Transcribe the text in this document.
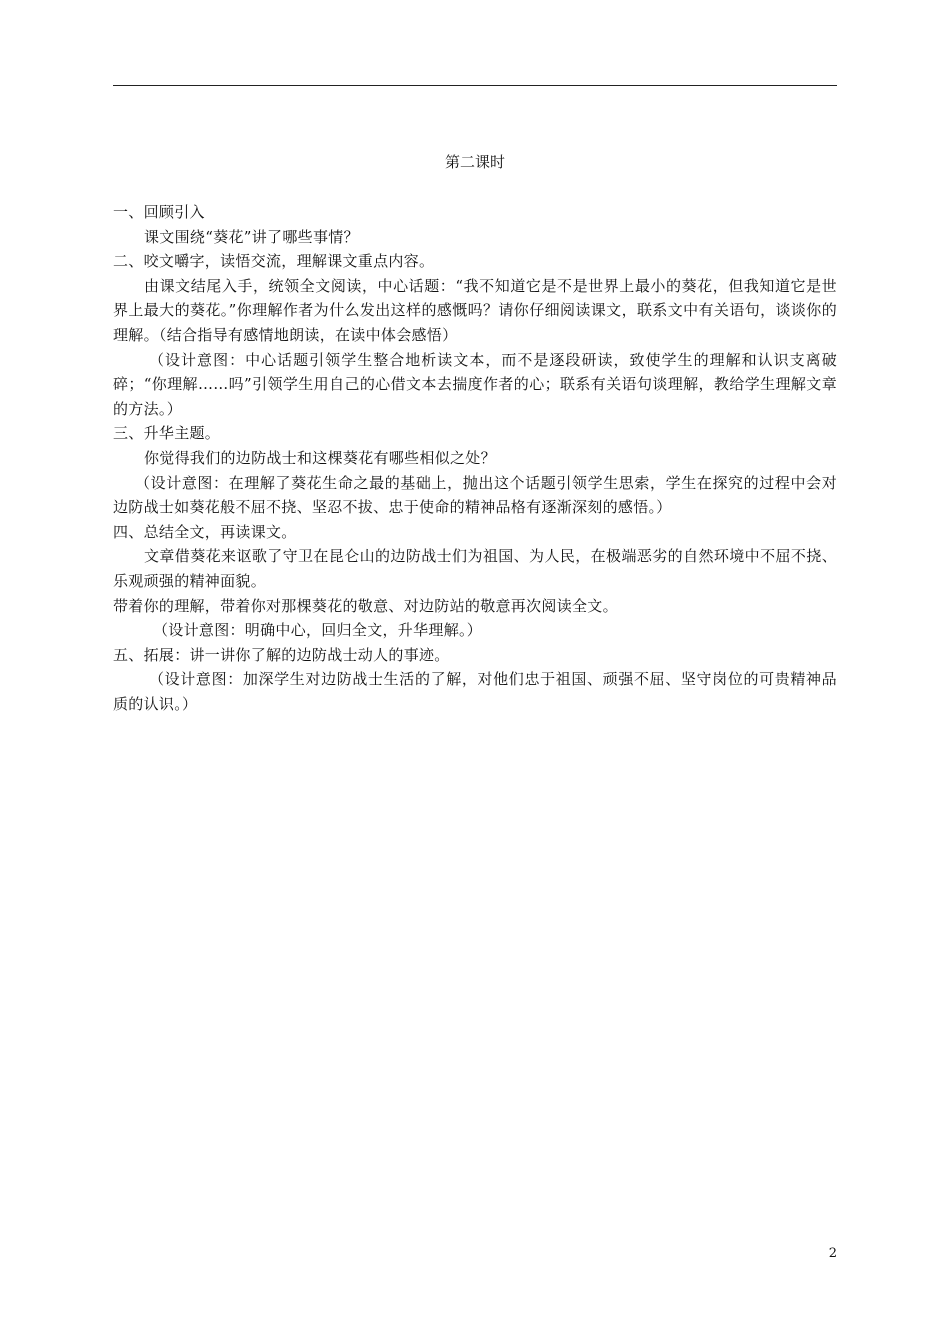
第二课时

一、回顾引入

课文围绕“葵花”讲了哪些事情？

二、咬文嚼字，读悟交流，理解课文重点内容。

由课文结尾入手，统领全文阅读，中心话题：“我不知道它是不是世界上最小的葵花，但我知道它是世界上最大的葵花。”你理解作者为什么发出这样的感慨吗？请你仔细阅读课文，联系文中有关语句，谈谈你的理解。（结合指导有感情地朗读，在读中体会感悟）

（设计意图：中心话题引领学生整合地析读文本，而不是逐段研读，致使学生的理解和认识支离破碎；“你理解……吗”引领学生用自己的心借文本去揣度作者的心；联系有关语句谈理解，教给学生理解文章的方法。）

三、升华主题。

你觉得我们的边防战士和这棵葵花有哪些相似之处？

（设计意图：在理解了葵花生命之最的基础上，抛出这个话题引领学生思索，学生在探究的过程中会对边防战士如葵花般不屈不挠、坚忍不拔、忠于使命的精神品格有逐渐深刻的感悟。）

四、总结全文，再读课文。

文章借葵花来讴歌了守卫在昆仑山的边防战士们为祖国、为人民，在极端恶劣的自然环境中不屈不挠、乐观顽强的精神面貌。

带着你的理解，带着你对那棵葵花的敬意、对边防站的敬意再次阅读全文。

（设计意图：明确中心，回归全文，升华理解。）

五、拓展：讲一讲你了解的边防战士动人的事迹。

（设计意图：加深学生对边防战士生活的了解，对他们忠于祖国、顽强不屈、坚守岗位的可贵精神品质的认识。）

2
